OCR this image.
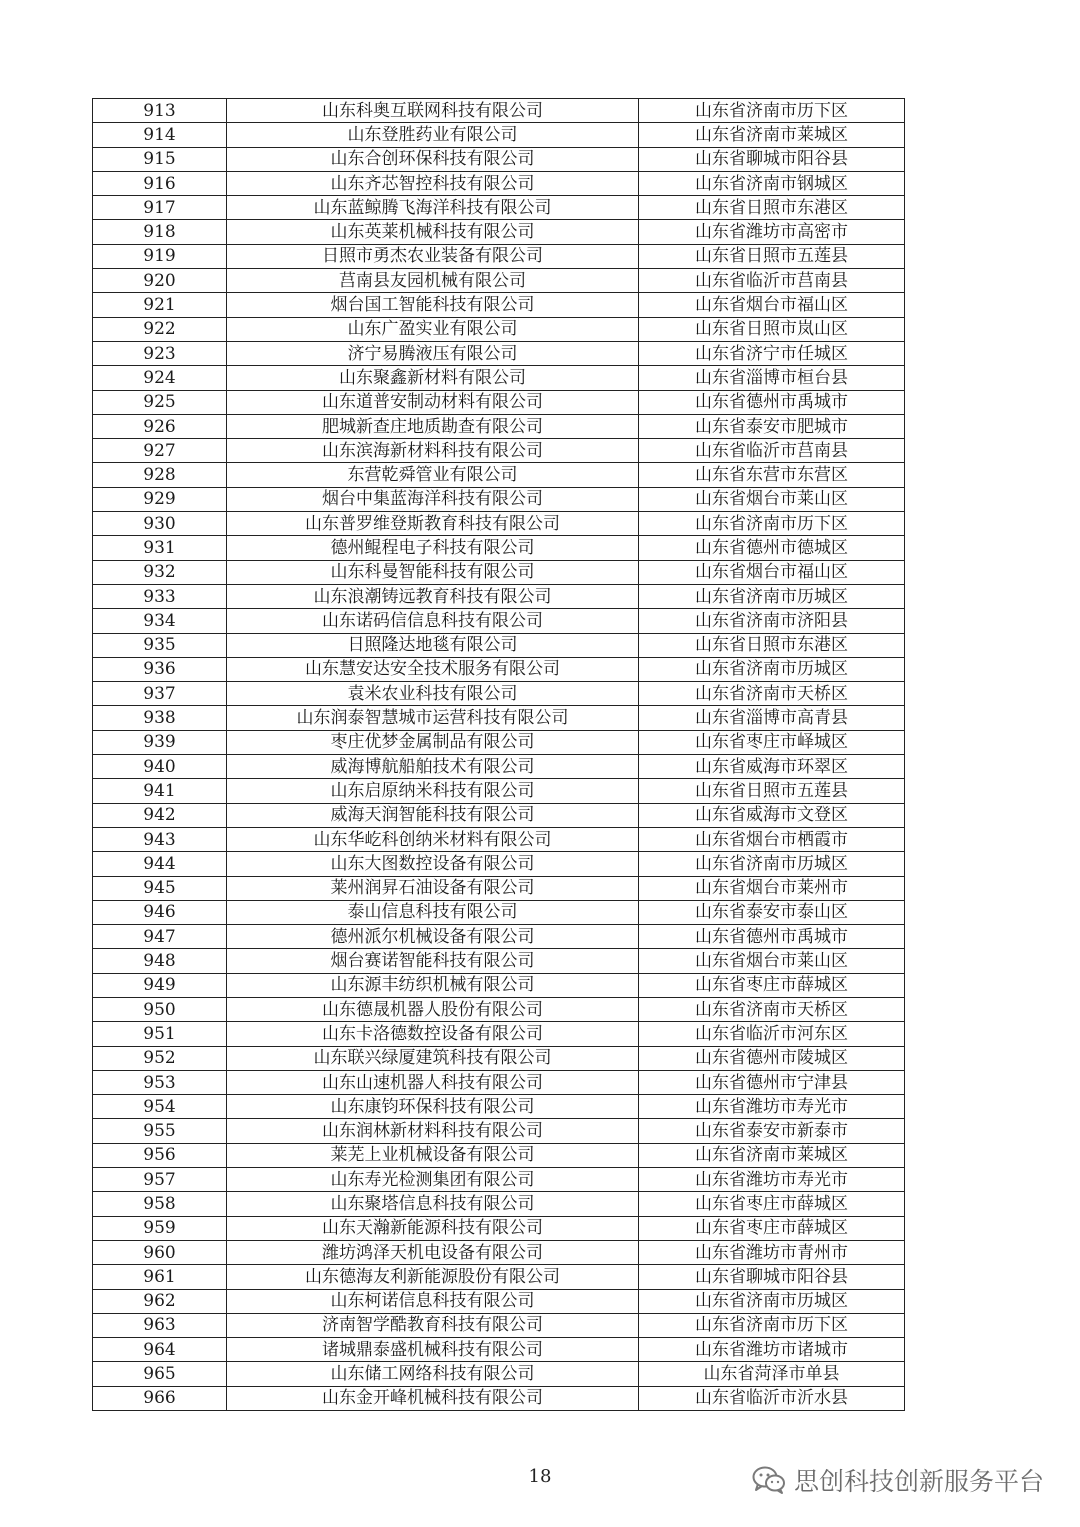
913	山东科奥互联网科技有限公司	山东省济南市历下区
914	山东登胜药业有限公司	山东省济南市莱城区
915	山东合创环保科技有限公司	山东省聊城市阳谷县
916	山东齐芯智控科技有限公司	山东省济南市钢城区
917	山东蓝鲸腾飞海洋科技有限公司	山东省日照市东港区
918	山东英莱机械科技有限公司	山东省潍坊市高密市
919	日照市勇杰农业装备有限公司	山东省日照市五莲县
920	莒南县友园机械有限公司	山东省临沂市莒南县
921	烟台国工智能科技有限公司	山东省烟台市福山区
922	山东广盈实业有限公司	山东省日照市岚山区
923	济宁易腾液压有限公司	山东省济宁市任城区
924	山东聚鑫新材料有限公司	山东省淄博市桓台县
925	山东道普安制动材料有限公司	山东省德州市禹城市
926	肥城新查庄地质勘查有限公司	山东省泰安市肥城市
927	山东滨海新材料科技有限公司	山东省临沂市莒南县
928	东营乾舜管业有限公司	山东省东营市东营区
929	烟台中集蓝海洋科技有限公司	山东省烟台市莱山区
930	山东普罗维登斯教育科技有限公司	山东省济南市历下区
931	德州鲲程电子科技有限公司	山东省德州市德城区
932	山东科曼智能科技有限公司	山东省烟台市福山区
933	山东浪潮铸远教育科技有限公司	山东省济南市历城区
934	山东诺码信信息科技有限公司	山东省济南市济阳县
935	日照隆达地毯有限公司	山东省日照市东港区
936	山东慧安达安全技术服务有限公司	山东省济南市历城区
937	袁米农业科技有限公司	山东省济南市天桥区
938	山东润泰智慧城市运营科技有限公司	山东省淄博市高青县
939	枣庄优梦金属制品有限公司	山东省枣庄市峄城区
940	威海博航船舶技术有限公司	山东省威海市环翠区
941	山东启原纳米科技有限公司	山东省日照市五莲县
942	威海天润智能科技有限公司	山东省威海市文登区
943	山东华屹科创纳米材料有限公司	山东省烟台市栖霞市
944	山东大图数控设备有限公司	山东省济南市历城区
945	莱州润昇石油设备有限公司	山东省烟台市莱州市
946	泰山信息科技有限公司	山东省泰安市泰山区
947	德州派尔机械设备有限公司	山东省德州市禹城市
948	烟台赛诺智能科技有限公司	山东省烟台市莱山区
949	山东源丰纺织机械有限公司	山东省枣庄市薛城区
950	山东德晟机器人股份有限公司	山东省济南市天桥区
951	山东卡洛德数控设备有限公司	山东省临沂市河东区
952	山东联兴绿厦建筑科技有限公司	山东省德州市陵城区
953	山东山速机器人科技有限公司	山东省德州市宁津县
954	山东康钧环保科技有限公司	山东省潍坊市寿光市
955	山东润林新材料科技有限公司	山东省泰安市新泰市
956	莱芜上业机械设备有限公司	山东省济南市莱城区
957	山东寿光检测集团有限公司	山东省潍坊市寿光市
958	山东聚塔信息科技有限公司	山东省枣庄市薛城区
959	山东天瀚新能源科技有限公司	山东省枣庄市薛城区
960	潍坊鸿泽天机电设备有限公司	山东省潍坊市青州市
961	山东德海友利新能源股份有限公司	山东省聊城市阳谷县
962	山东柯诺信息科技有限公司	山东省济南市历城区
963	济南智学酷教育科技有限公司	山东省济南市历下区
964	诸城鼎泰盛机械科技有限公司	山东省潍坊市诸城市
965	山东储工网络科技有限公司	山东省菏泽市单县
966	山东金开峰机械科技有限公司	山东省临沂市沂水县
18	思创科技创新服务平台
